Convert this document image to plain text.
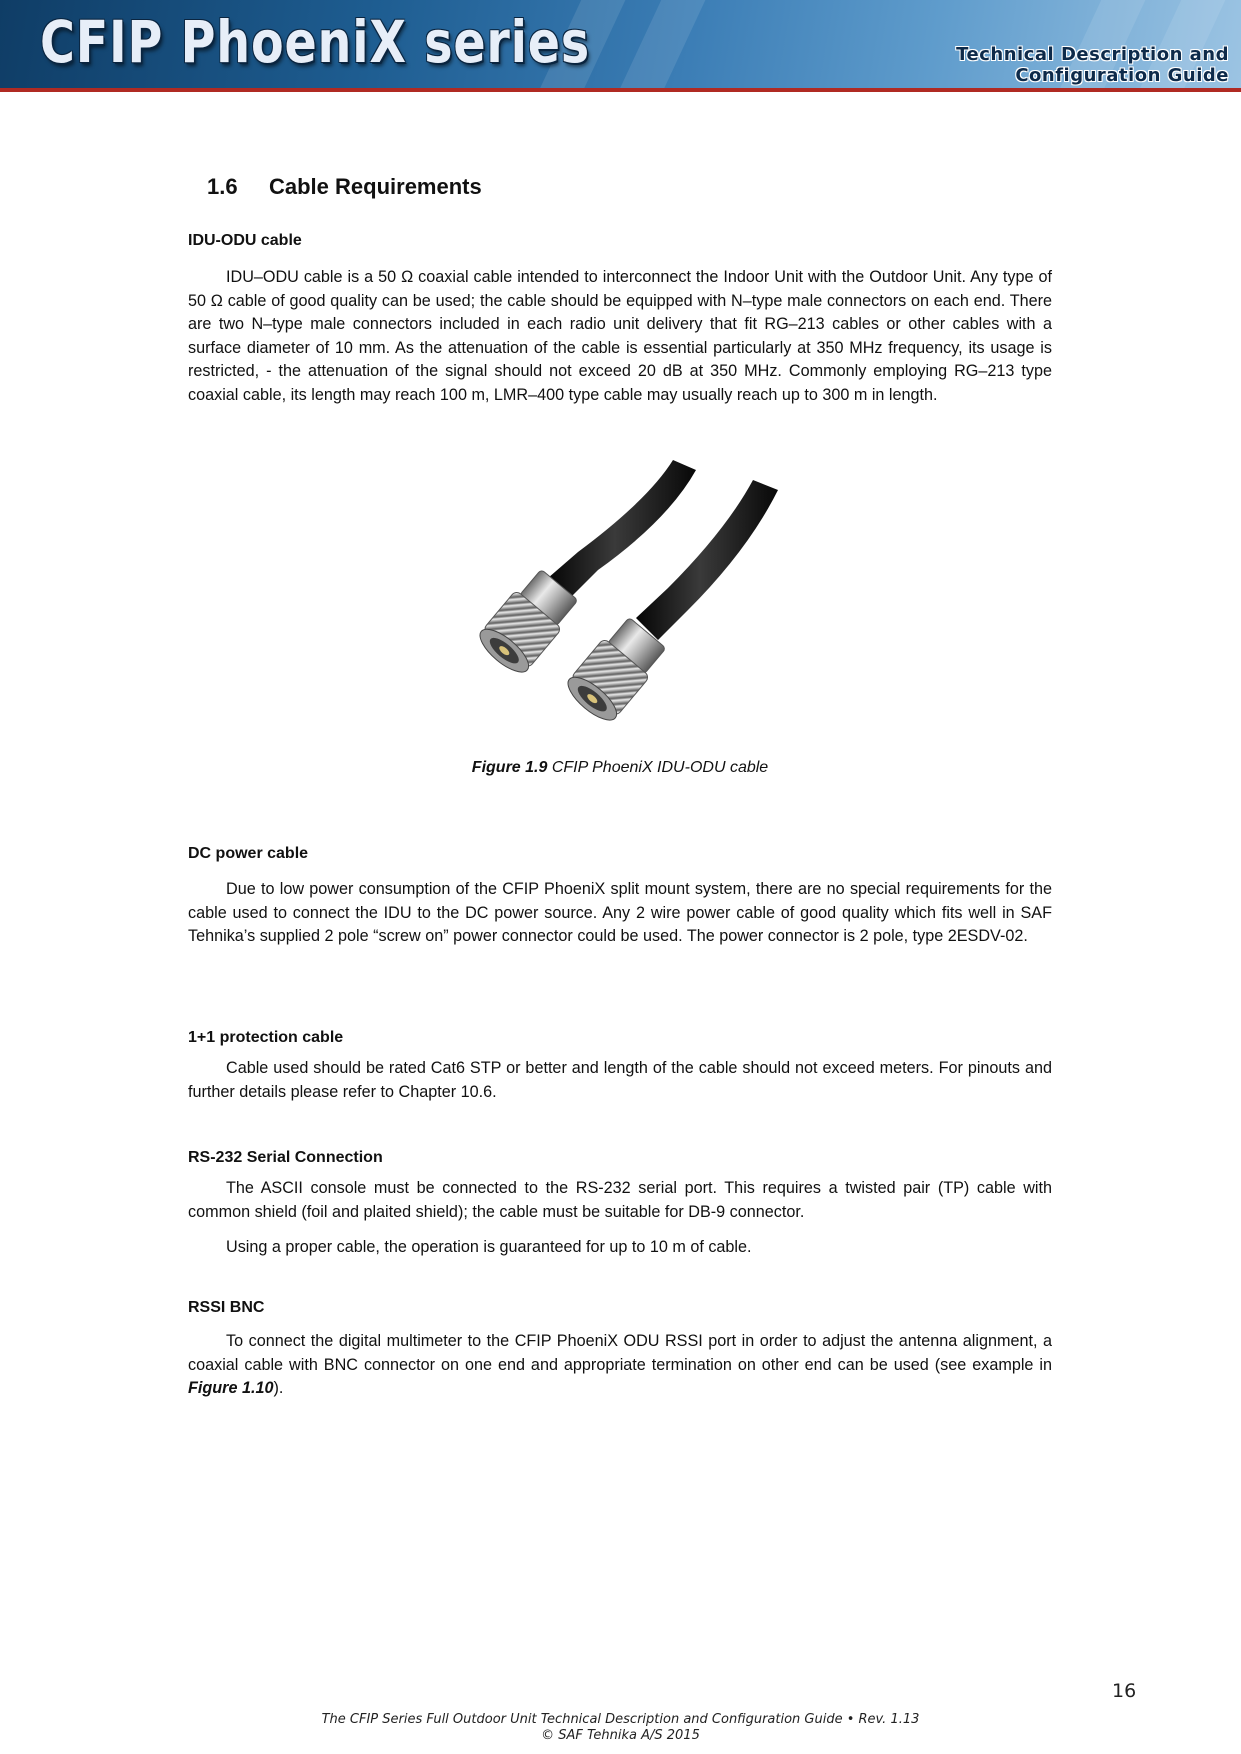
CFIP PhoeniX series	Technical Description and
Configuration Guide
1.6 Cable Requirements
IDU-ODU cable
IDU–ODU cable is a 50 Ω coaxial cable intended to interconnect the Indoor Unit with the Outdoor Unit. Any type of 50 Ω cable of good quality can be used; the cable should be equipped with N–type male connectors on each end. There are two N–type male connectors included in each radio unit delivery that fit RG–213 cables or other cables with a surface diameter of 10 mm. As the attenuation of the cable is essential particularly at 350 MHz frequency, its usage is restricted, - the attenuation of the signal should not exceed 20 dB at 350 MHz. Commonly employing RG–213 type coaxial cable, its length may reach 100 m, LMR–400 type cable may usually reach up to 300 m in length.
Figure 1.9 CFIP PhoeniX IDU-ODU cable
DC power cable
Due to low power consumption of the CFIP PhoeniX split mount system, there are no special requirements for the cable used to connect the IDU to the DC power source. Any 2 wire power cable of good quality which fits well in SAF Tehnika’s supplied 2 pole “screw on” power connector could be used. The power connector is 2 pole, type 2ESDV-02.
1+1 protection cable
Cable used should be rated Cat6 STP or better and length of the cable should not exceed meters. For pinouts and further details please refer to Chapter 10.6.
RS-232 Serial Connection
The ASCII console must be connected to the RS-232 serial port. This requires a twisted pair (TP) cable with common shield (foil and plaited shield); the cable must be suitable for DB-9 connector.
Using a proper cable, the operation is guaranteed for up to 10 m of cable.
RSSI BNC
To connect the digital multimeter to the CFIP PhoeniX ODU RSSI port in order to adjust the antenna alignment, a coaxial cable with BNC connector on one end and appropriate termination on other end can be used (see example in Figure 1.10).
16
The CFIP Series Full Outdoor Unit Technical Description and Configuration Guide • Rev. 1.13
© SAF Tehnika A/S 2015
